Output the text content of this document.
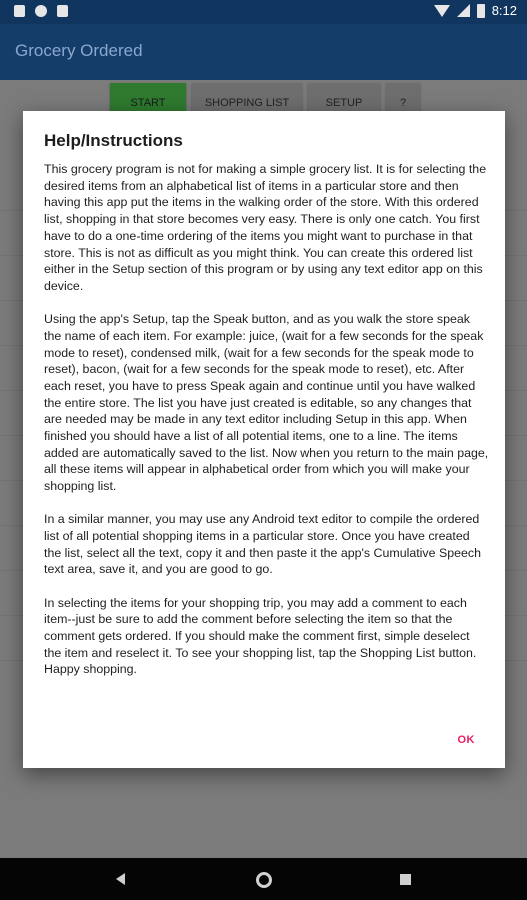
8:12
Grocery Ordered
START	SHOPPING LIST	SETUP	?
Help/Instructions

This grocery program is not for making a simple grocery list. It is for selecting the desired items from an alphabetical list of items in a particular store and then having this app put the items in the walking order of the store. With this ordered list, shopping in that store becomes very easy. There is only one catch. You first have to do a one-time ordering of the items you might want to purchase in that store. This is not as difficult as you might think. You can create this ordered list either in the Setup section of this program or by using any text editor app on this device.

Using the app's Setup, tap the Speak button, and as you walk the store speak the name of each item. For example: juice, (wait for a few seconds for the speak mode to reset), condensed milk, (wait for a few seconds for the speak mode to reset), bacon, (wait for a few seconds for the speak mode to reset), etc. After each reset, you have to press Speak again and continue until you have walked the entire store. The list you have just created is editable, so any changes that are needed may be made in any text editor including Setup in this app. When finished you should have a list of all potential items, one to a line. The items added are automatically saved to the list. Now when you return to the main page, all these items will appear in alphabetical order from which you will make your shopping list.

In a similar manner, you may use any Android text editor to compile the ordered list of all potential shopping items in a particular store. Once you have created the list, select all the text, copy it and then paste it the app's Cumulative Speech text area, save it, and you are good to go.

In selecting the items for your shopping trip, you may add a comment to each item--just be sure to add the comment before selecting the item so that the comment gets ordered. If you should make the comment first, simple deselect the item and reselect it. To see your shopping list, tap the Shopping List button. Happy shopping.

OK
